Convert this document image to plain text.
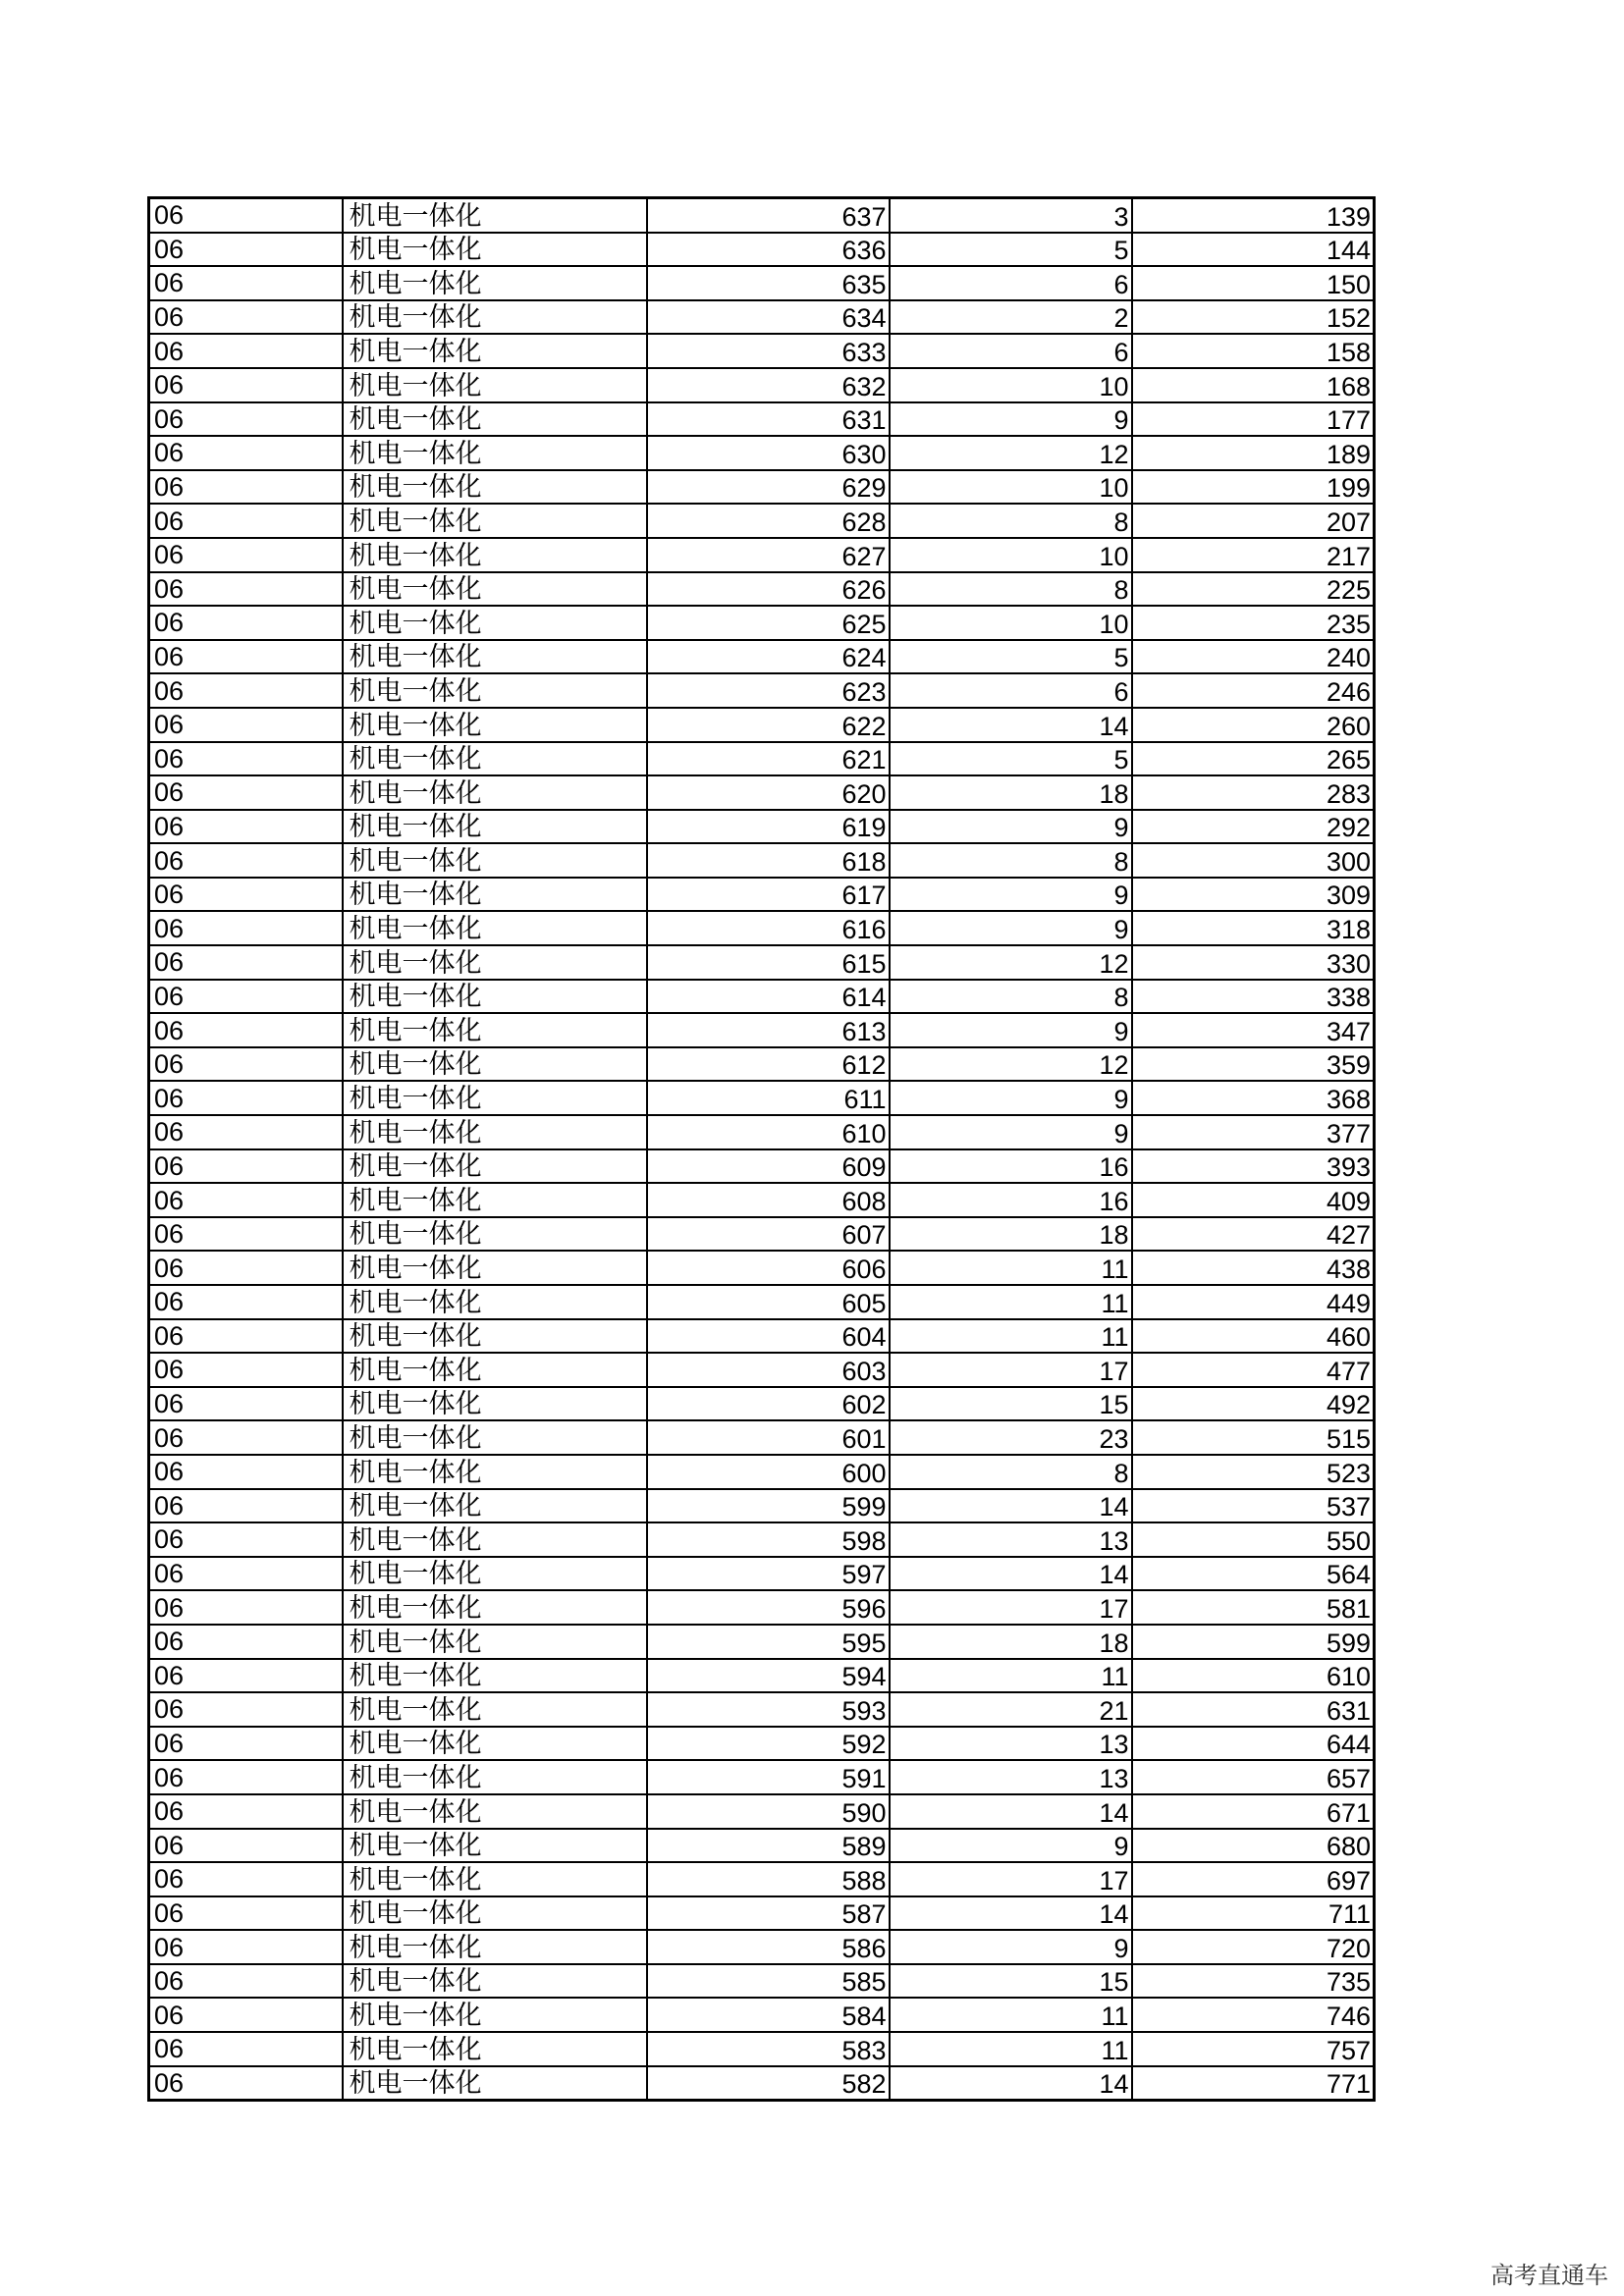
06	机电一体化	637	3	139
06	机电一体化	636	5	144
06	机电一体化	635	6	150
06	机电一体化	634	2	152
06	机电一体化	633	6	158
06	机电一体化	632	10	168
06	机电一体化	631	9	177
06	机电一体化	630	12	189
06	机电一体化	629	10	199
06	机电一体化	628	8	207
06	机电一体化	627	10	217
06	机电一体化	626	8	225
06	机电一体化	625	10	235
06	机电一体化	624	5	240
06	机电一体化	623	6	246
06	机电一体化	622	14	260
06	机电一体化	621	5	265
06	机电一体化	620	18	283
06	机电一体化	619	9	292
06	机电一体化	618	8	300
06	机电一体化	617	9	309
06	机电一体化	616	9	318
06	机电一体化	615	12	330
06	机电一体化	614	8	338
06	机电一体化	613	9	347
06	机电一体化	612	12	359
06	机电一体化	611	9	368
06	机电一体化	610	9	377
06	机电一体化	609	16	393
06	机电一体化	608	16	409
06	机电一体化	607	18	427
06	机电一体化	606	11	438
06	机电一体化	605	11	449
06	机电一体化	604	11	460
06	机电一体化	603	17	477
06	机电一体化	602	15	492
06	机电一体化	601	23	515
06	机电一体化	600	8	523
06	机电一体化	599	14	537
06	机电一体化	598	13	550
06	机电一体化	597	14	564
06	机电一体化	596	17	581
06	机电一体化	595	18	599
06	机电一体化	594	11	610
06	机电一体化	593	21	631
06	机电一体化	592	13	644
06	机电一体化	591	13	657
06	机电一体化	590	14	671
06	机电一体化	589	9	680
06	机电一体化	588	17	697
06	机电一体化	587	14	711
06	机电一体化	586	9	720
06	机电一体化	585	15	735
06	机电一体化	584	11	746
06	机电一体化	583	11	757
06	机电一体化	582	14	771
高考直通车
